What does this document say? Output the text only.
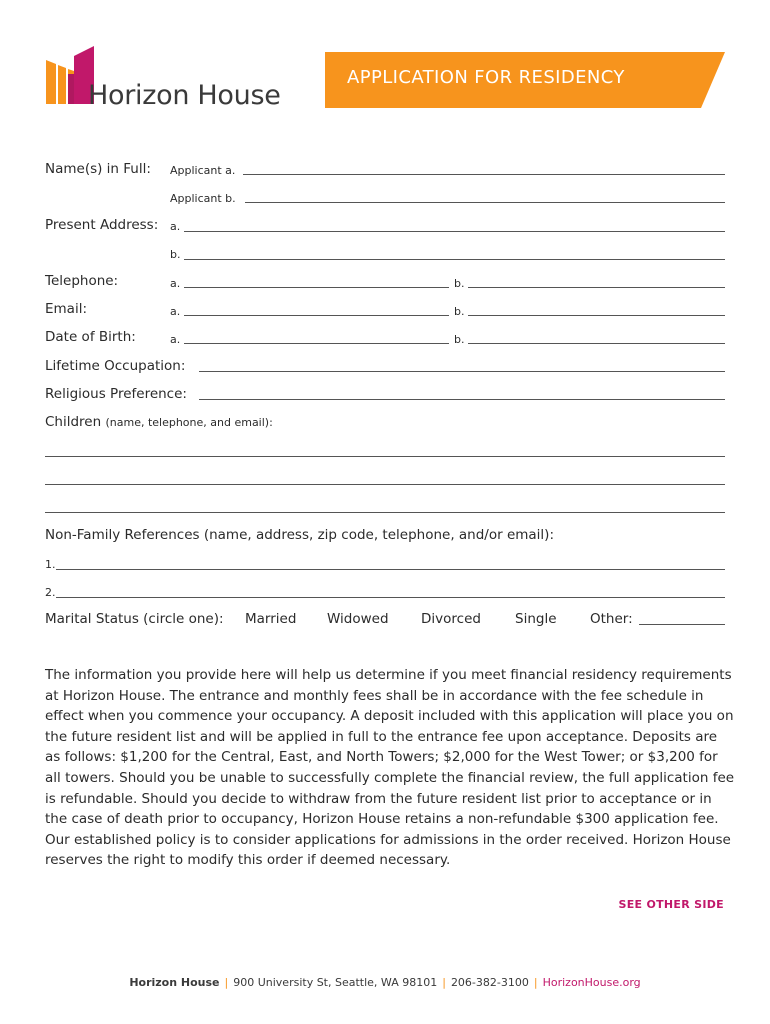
Horizon House
APPLICATION FOR RESIDENCY
Name(s) in Full: Applicant a.
Applicant b.
Present Address: a.
b.
Telephone:	a.	b.
Email:	a.	b.
Date of Birth:	a.	b.
Lifetime Occupation:
Religious Preference:
Children (name, telephone, and email):
Non-Family References (name, address, zip code, telephone, and/or email):
1.
2.
Marital Status (circle one): Married Widowed Divorced	Single Other:
The information you provide here will help us determine if you meet financial residency requirements at Horizon House. The entrance and monthly fees shall be in accordance with the fee schedule in effect when you commence your occupancy. A deposit included with this application will place you on the future resident list and will be applied in full to the entrance fee upon acceptance. Deposits are as follows: $1,200 for the Central, East, and North Towers; $2,000 for the West Tower; or $3,200 for all towers. Should you be unable to successfully complete the financial review, the full application fee is refundable. Should you decide to withdraw from the future resident list prior to acceptance or in the case of death prior to occupancy, Horizon House retains a non-refundable $300 application fee. Our established policy is to consider applications for admissions in the order received. Horizon House reserves the right to modify this order if deemed necessary.
SEE OTHER SIDE
Horizon House | 900 University St, Seattle, WA 98101 | 206-382-3100 | HorizonHouse.org
